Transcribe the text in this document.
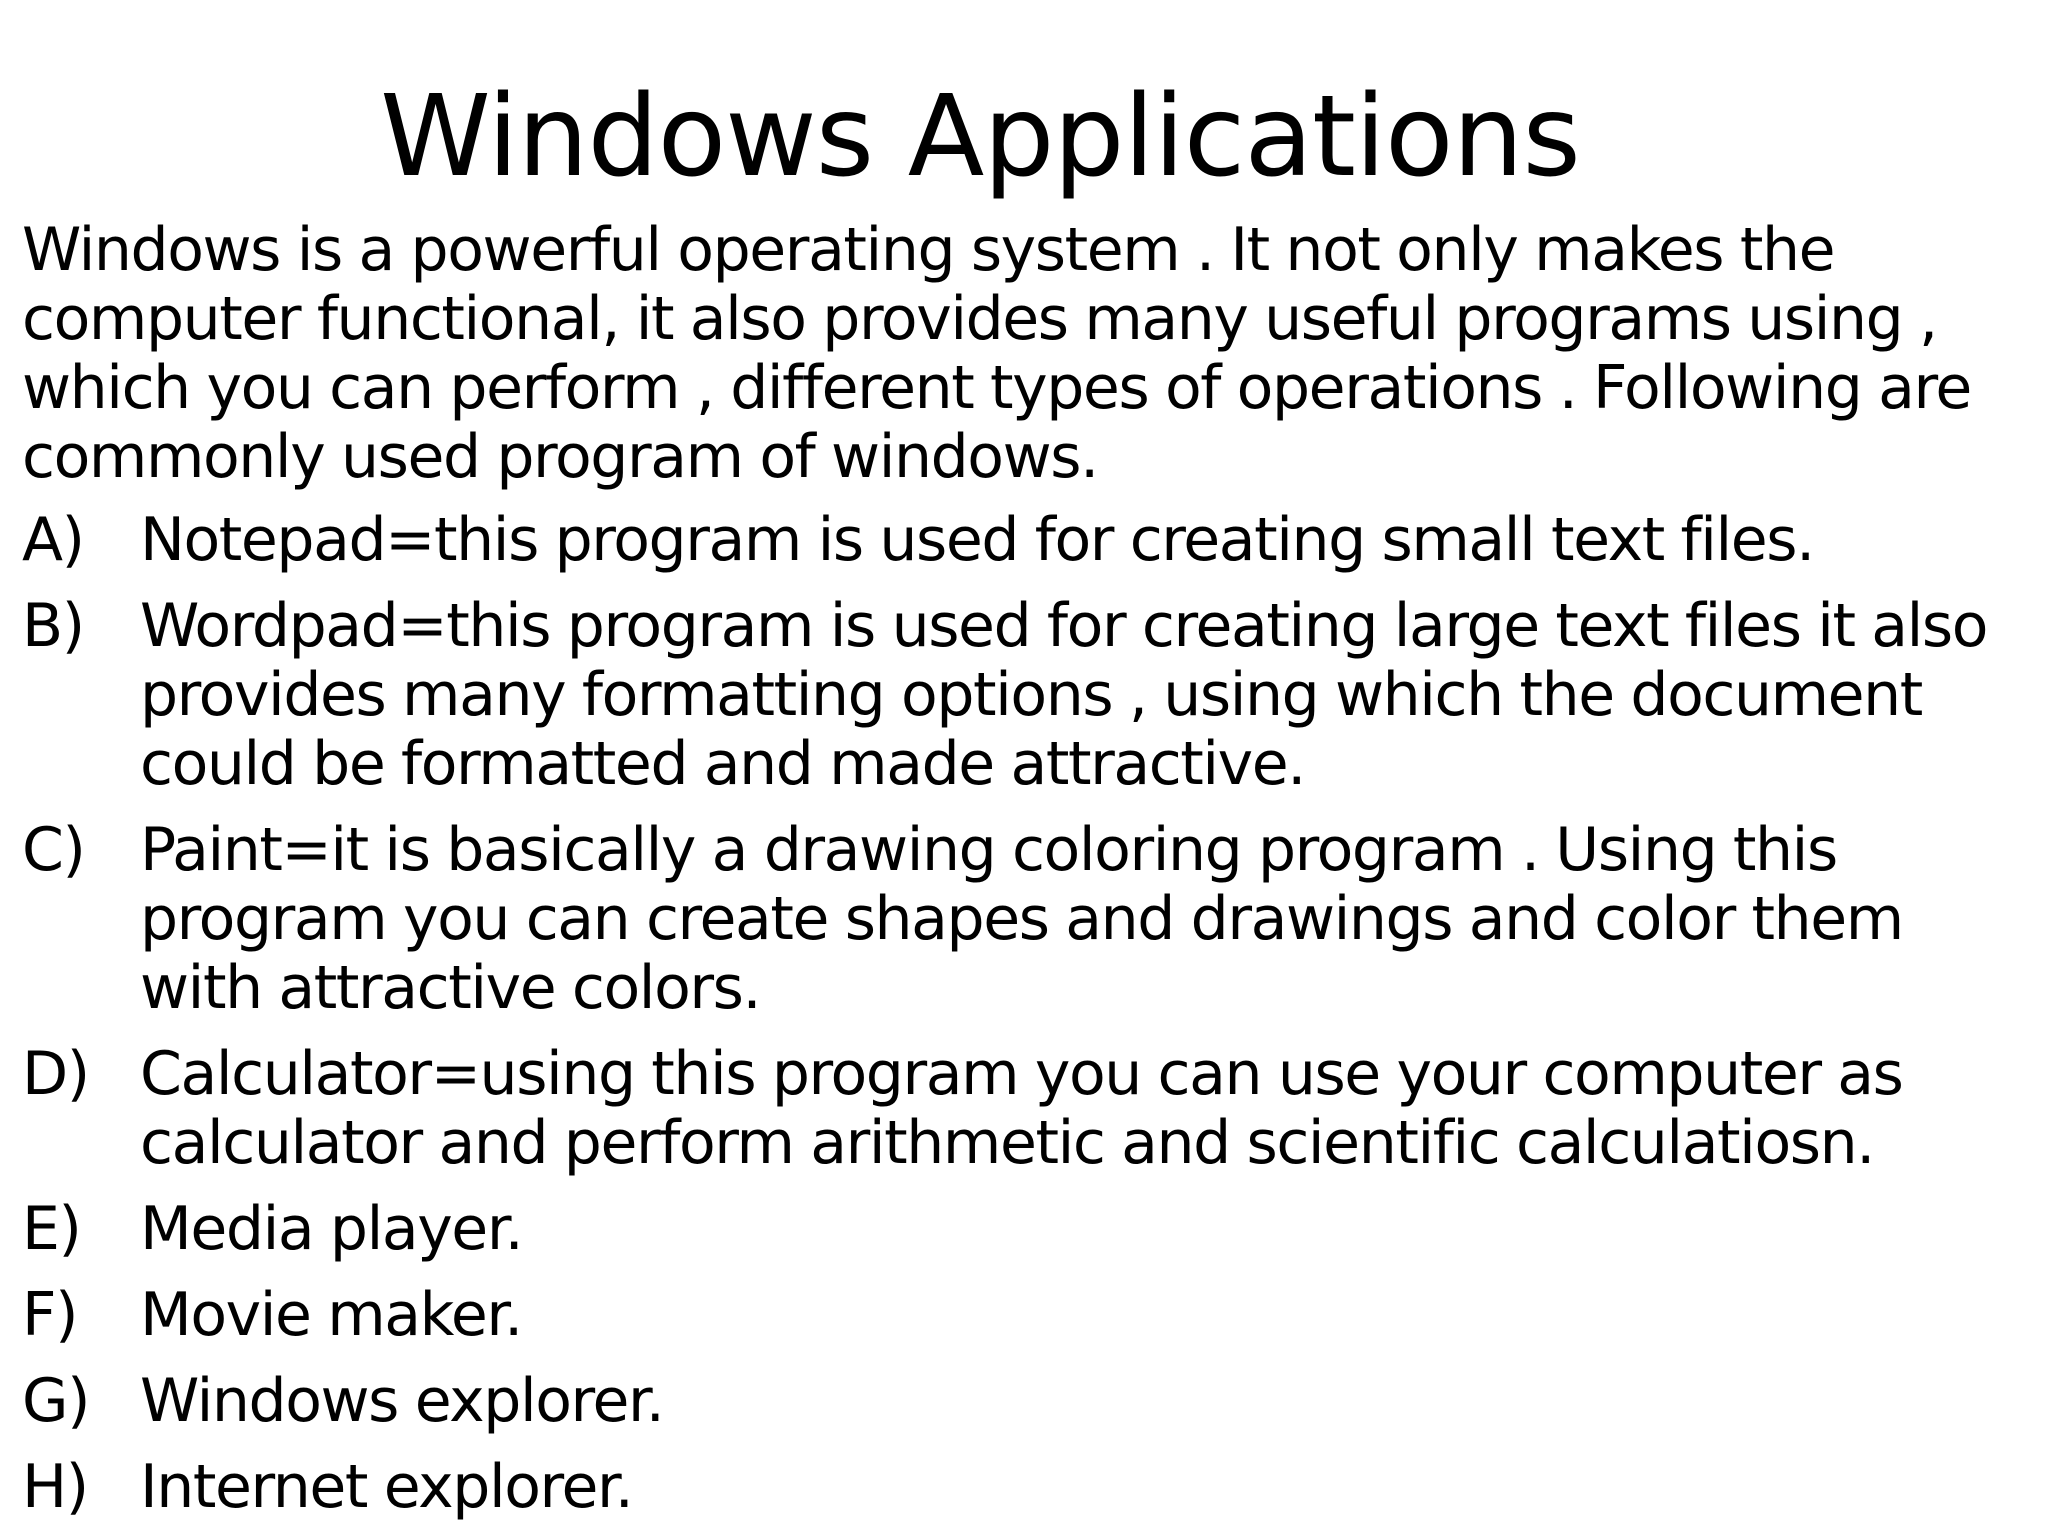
Windows Applications

Windows is a powerful operating system . It not only makes the computer functional, it also provides many useful programs using , which you can perform , different types of operations . Following are commonly used program of windows.

A) Notepad=this program is used for creating small text files.
B) Wordpad=this program is used for creating large text files it also provides many formatting options , using which the document could be formatted and made attractive.
C) Paint=it is basically a drawing coloring program . Using this program you can create shapes and drawings and color them with attractive colors.
D) Calculator=using this program you can use your computer as calculator and perform arithmetic and scientific calculatiosn.
E) Media player.
F)	Movie maker.
G) Windows explorer.
H) Internet explorer.
